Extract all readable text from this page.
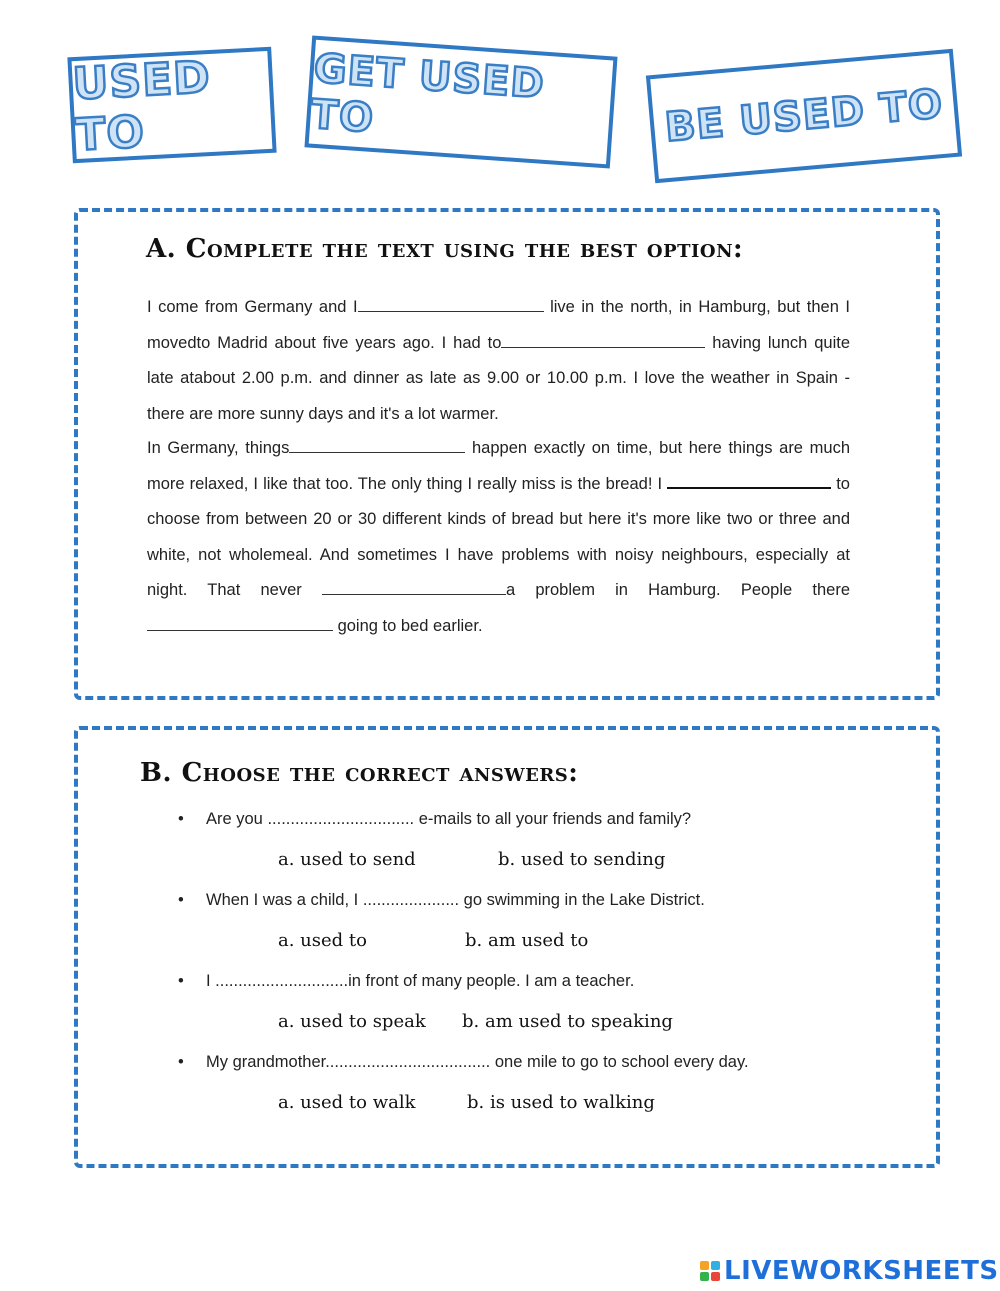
USED TO
GET USED TO	BE USED TO
A. Complete the text using the best option:
I come from Germany and I	live in the north, in Hamburg, but then I movedto Madrid about five years ago. I had to	having lunch quite late atabout 2.00 p.m. and dinner as late as 9.00 or 10.00 p.m. I love the weather in Spain - there are more sunny days and it's a lot warmer.
In Germany, things	happen exactly on time, but here things are much more relaxed, I like that too. The only thing I really miss is the bread! I	to choose from between 20 or 30 different kinds of bread but here it's more like two or three and white, not wholemeal. And sometimes I have problems with noisy neighbours, especially at night. That never	a problem in Hamburg. People there going to bed earlier.
B. Choose the correct answers:
• Are you ................................ e-mails to all your friends and family?
a. used to send	b. used to sending
• When I was a child, I ..................... go swimming in the Lake District.
a. used to	b. am used to
• I .............................in front of many people. I am a teacher.
a. used to speak b. am used to speaking
• My grandmother.................................... one mile to go to school every day.
a. used to walk	b. is used to walking
LIVEWORKSHEETS
